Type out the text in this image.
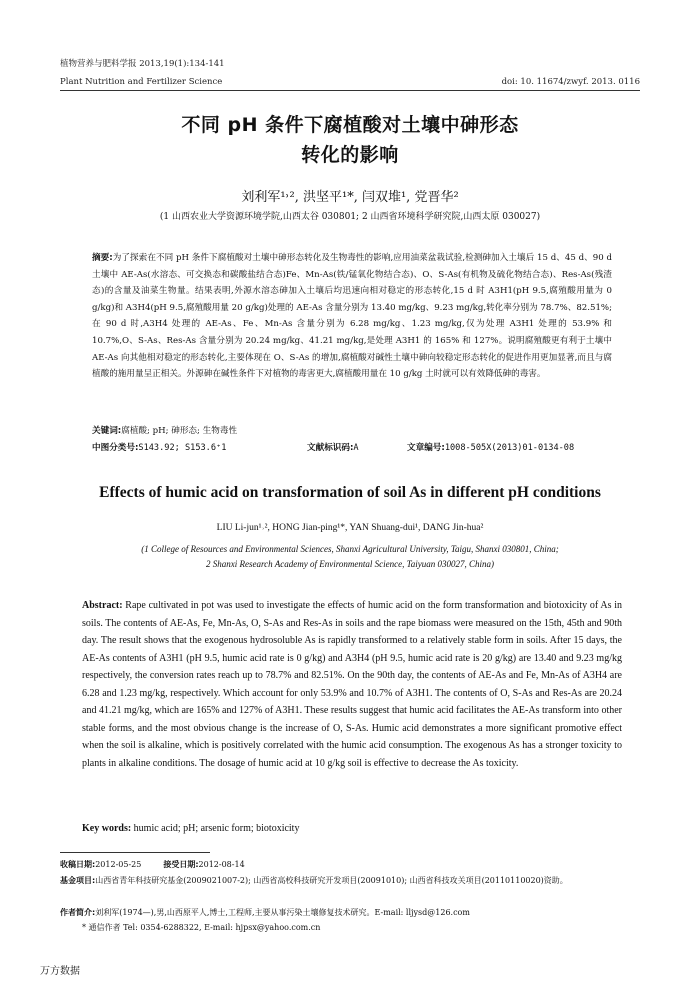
植物营养与肥料学报 2013,19(1):134-141
Plant Nutrition and Fertilizer Science	doi: 10. 11674/zwyf. 2013. 0116
不同 pH 条件下腐植酸对土壤中砷形态
转化的影响
刘利军¹˒², 洪坚平¹*, 闫双堆¹, 党晋华²
(1 山西农业大学资源环境学院,山西太谷 030801; 2 山西省环境科学研究院,山西太原 030027)
摘要:为了探索在不同 pH 条件下腐植酸对土壤中砷形态转化及生物毒性的影响,应用油菜盆栽试验,检测砷加入土壤后 15 d、45 d、90 d 土壤中 AE-As(水溶态、可交换态和碳酸盐结合态)Fe、Mn-As(铁/锰氧化物结合态)、O、S-As(有机物及硫化物结合态)、Res-As(残渣态)的含量及油菜生物量。结果表明,外源水溶态砷加入土壤后均迅速向相对稳定的形态转化,15 d 时 A3H1(pH 9.5,腐殖酸用量为 0 g/kg)和 A3H4(pH 9.5,腐殖酸用量 20 g/kg)处理的 AE-As 含量分别为 13.40 mg/kg、9.23 mg/kg,转化率分别为 78.7%、82.51%;在 90 d 时,A3H4 处理的 AE-As、Fe、Mn-As 含量分别为 6.28 mg/kg、1.23 mg/kg,仅为处理 A3H1 处理的 53.9% 和 10.7%,O、S-As、Res-As 含量分别为 20.24 mg/kg、41.21 mg/kg,是处理 A3H1 的 165% 和 127%。说明腐殖酸更有利于土壤中 AE-As 向其他相对稳定的形态转化,主要体现在 O、S-As 的增加,腐植酸对碱性土壤中砷向较稳定形态转化的促进作用更加显著,而且与腐植酸的施用量呈正相关。外源砷在碱性条件下对植物的毒害更大,腐植酸用量在 10 g/kg 土时就可以有效降低砷的毒害。
关键词:腐植酸; pH; 砷形态; 生物毒性
中图分类号:S143.92; S153.6⁺1	文献标识码:A	文章编号:1008-505X(2013)01-0134-08
Effects of humic acid on transformation of soil As in different pH conditions
LIU Li-jun¹˒², HONG Jian-ping¹*, YAN Shuang-dui¹, DANG Jin-hua²
(1 College of Resources and Environmental Sciences, Shanxi Agricultural University, Taigu, Shanxi 030801, China;
2 Shanxi Research Academy of Environmental Science, Taiyuan 030027, China)
Abstract: Rape cultivated in pot was used to investigate the effects of humic acid on the form transformation and biotoxicity of As in soils. The contents of AE-As, Fe, Mn-As, O, S-As and Res-As in soils and the rape biomass were measured on the 15th, 45th and 90th day. The result shows that the exogenous hydrosoluble As is rapidly transformed to a relatively stable form in soils. After 15 days, the AE-As contents of A3H1 (pH 9.5, humic acid rate is 0 g/kg) and A3H4 (pH 9.5, humic acid rate is 20 g/kg) are 13.40 and 9.23 mg/kg respectively, the conversion rates reach up to 78.7% and 82.51%. On the 90th day, the contents of AE-As and Fe, Mn-As of A3H4 are 6.28 and 1.23 mg/kg, respectively. Which account for only 53.9% and 10.7% of A3H1. The contents of O, S-As and Res-As are 20.24 and 41.21 mg/kg, which are 165% and 127% of A3H1. These results suggest that humic acid facilitates the AE-As transform into other stable forms, and the most obvious change is the increase of O, S-As. Humic acid demonstrates a more significant promotive effect when the soil is alkaline, which is positively correlated with the humic acid consumption. The exogenous As has a stronger toxicity to plants in alkaline conditions. The dosage of humic acid at 10 g/kg soil is effective to decrease the As toxicity.
Key words: humic acid; pH; arsenic form; biotoxicity
收稿日期:2012-05-25	接受日期:2012-08-14
基金项目:山西省青年科技研究基金(2009021007-2); 山西省高校科技研究开发项目(20091010); 山西省科技攻关项目(20110110020)资助。
作者简介:刘利军(1974—),男,山西原平人,博士,工程师,主要从事污染土壤修复技术研究。E-mail: lljysd@126.com
* 通信作者 Tel: 0354-6288322, E-mail: hjpsx@yahoo.com.cn
万方数据
